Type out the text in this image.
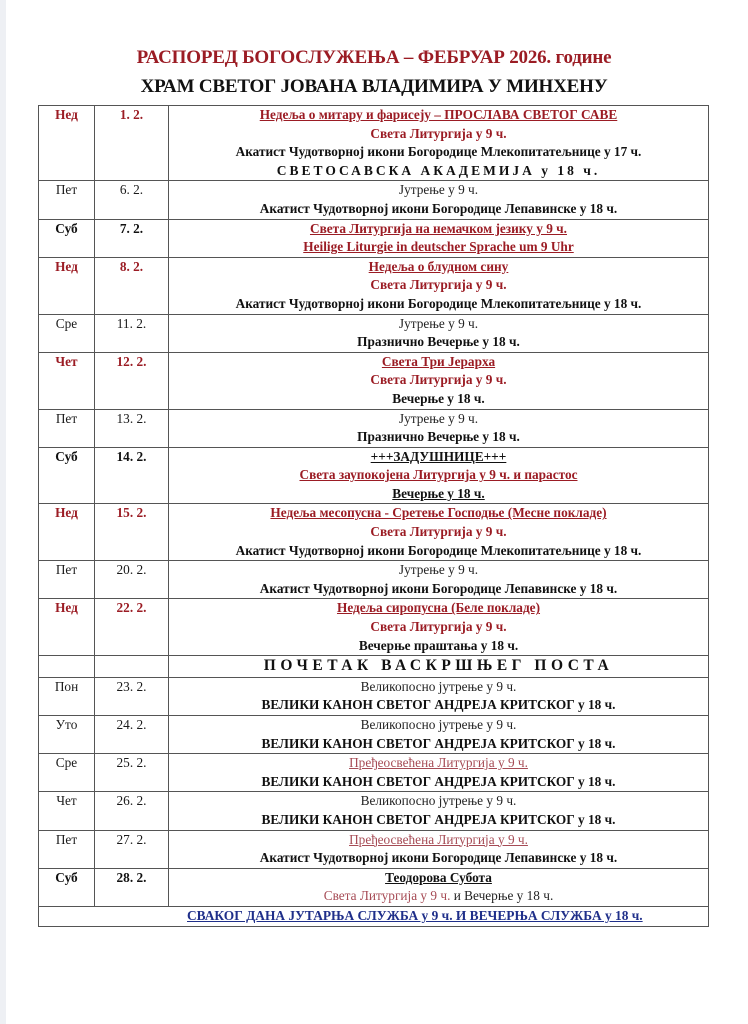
РАСПОРЕД БОГОСЛУЖЕЊА – ФЕБРУАР 2026. године
ХРАМ СВЕТОГ ЈОВАНА ВЛАДИМИРА У МИНХЕНУ
Нед	1. 2.	Недеља о митару и фарисеју – ПРОСЛАВА СВЕТОГ САВЕ
Света Литургија у 9 ч.
Акатист Чудотворној икони Богородице Млекопитатељнице у 17 ч.
СВЕТОСАВСКА АКАДЕМИЈА у 18 ч.

Пет	6. 2.	Јутрење у 9 ч.
Акатист Чудотворној икони Богородице Лепавинске у 18 ч.

Суб	7. 2.	Света Литургија на немачком језику у 9 ч.
Heilige Liturgie in deutscher Sprache um 9 Uhr

Нед	8. 2.	Недеља о блудном сину
Света Литургија у 9 ч.
Акатист Чудотворној икони Богородице Млекопитатељнице у 18 ч.

Сре	11. 2.	Јутрење у 9 ч.
Празнично Вечерње у 18 ч.

Чет	12. 2.	Света Три Јерарха
Света Литургија у 9 ч.
Вечерње у 18 ч.

Пет	13. 2.	Јутрење у 9 ч.
Празнично Вечерње у 18 ч.

Суб	14. 2.	+++ЗАДУШНИЦЕ+++
Света заупокојена Литургија у 9 ч. и парастос
Вечерње у 18 ч.

Нед	15. 2.	Недеља месопусна - Сретење Господње (Месне поклад‌е)
Света Литургија у 9 ч.
Акатист Чудотворној икони Богородице Млекопитатељнице у 18 ч.

Пет	20. 2.	Јутрење у 9 ч.
Акатист Чудотворној икони Богородице Лепавинске у 18 ч.

Нед	22. 2.	Недеља сиропусна (Беле покладе)
Света Литургија у 9 ч.
Вечерње праштања у 18 ч.

		ПОЧЕТАК ВАСКРШЊЕГ ПОСТА

Пон	23. 2.	Великопосно јутрење у 9 ч.
ВЕЛИКИ КАНОН СВЕТОГ АНДРЕЈА КРИТСКОГ у 18 ч.

Уто	24. 2.	Великопосно јутрење у 9 ч.
ВЕЛИКИ КАНОН СВЕТОГ АНДРЕЈА КРИТСКОГ у 18 ч.

Сре	25. 2.	Пређеосвећена Литургија у 9 ч.
ВЕЛИКИ КАНОН СВЕТОГ АНДРЕЈА КРИТСКОГ у 18 ч.

Чет	26. 2.	Великопосно јутрење у 9 ч.
ВЕЛИКИ КАНОН СВЕТОГ АНДРЕЈА КРИТСКОГ у 18 ч.

Пет	27. 2.	Пређеосвећена Литургија у 9 ч.
Акатист Чудотворној икони Богородице Лепавинске у 18 ч.

Суб	28. 2.	Теодорова Субота
Света Литургија у 9 ч. и Вечерње у 18 ч.

СВАКОГ ДАНА ЈУТАРЊА СЛУЖБА у 9 ч. И ВЕЧЕРЊА СЛУЖБА у 18 ч.		
